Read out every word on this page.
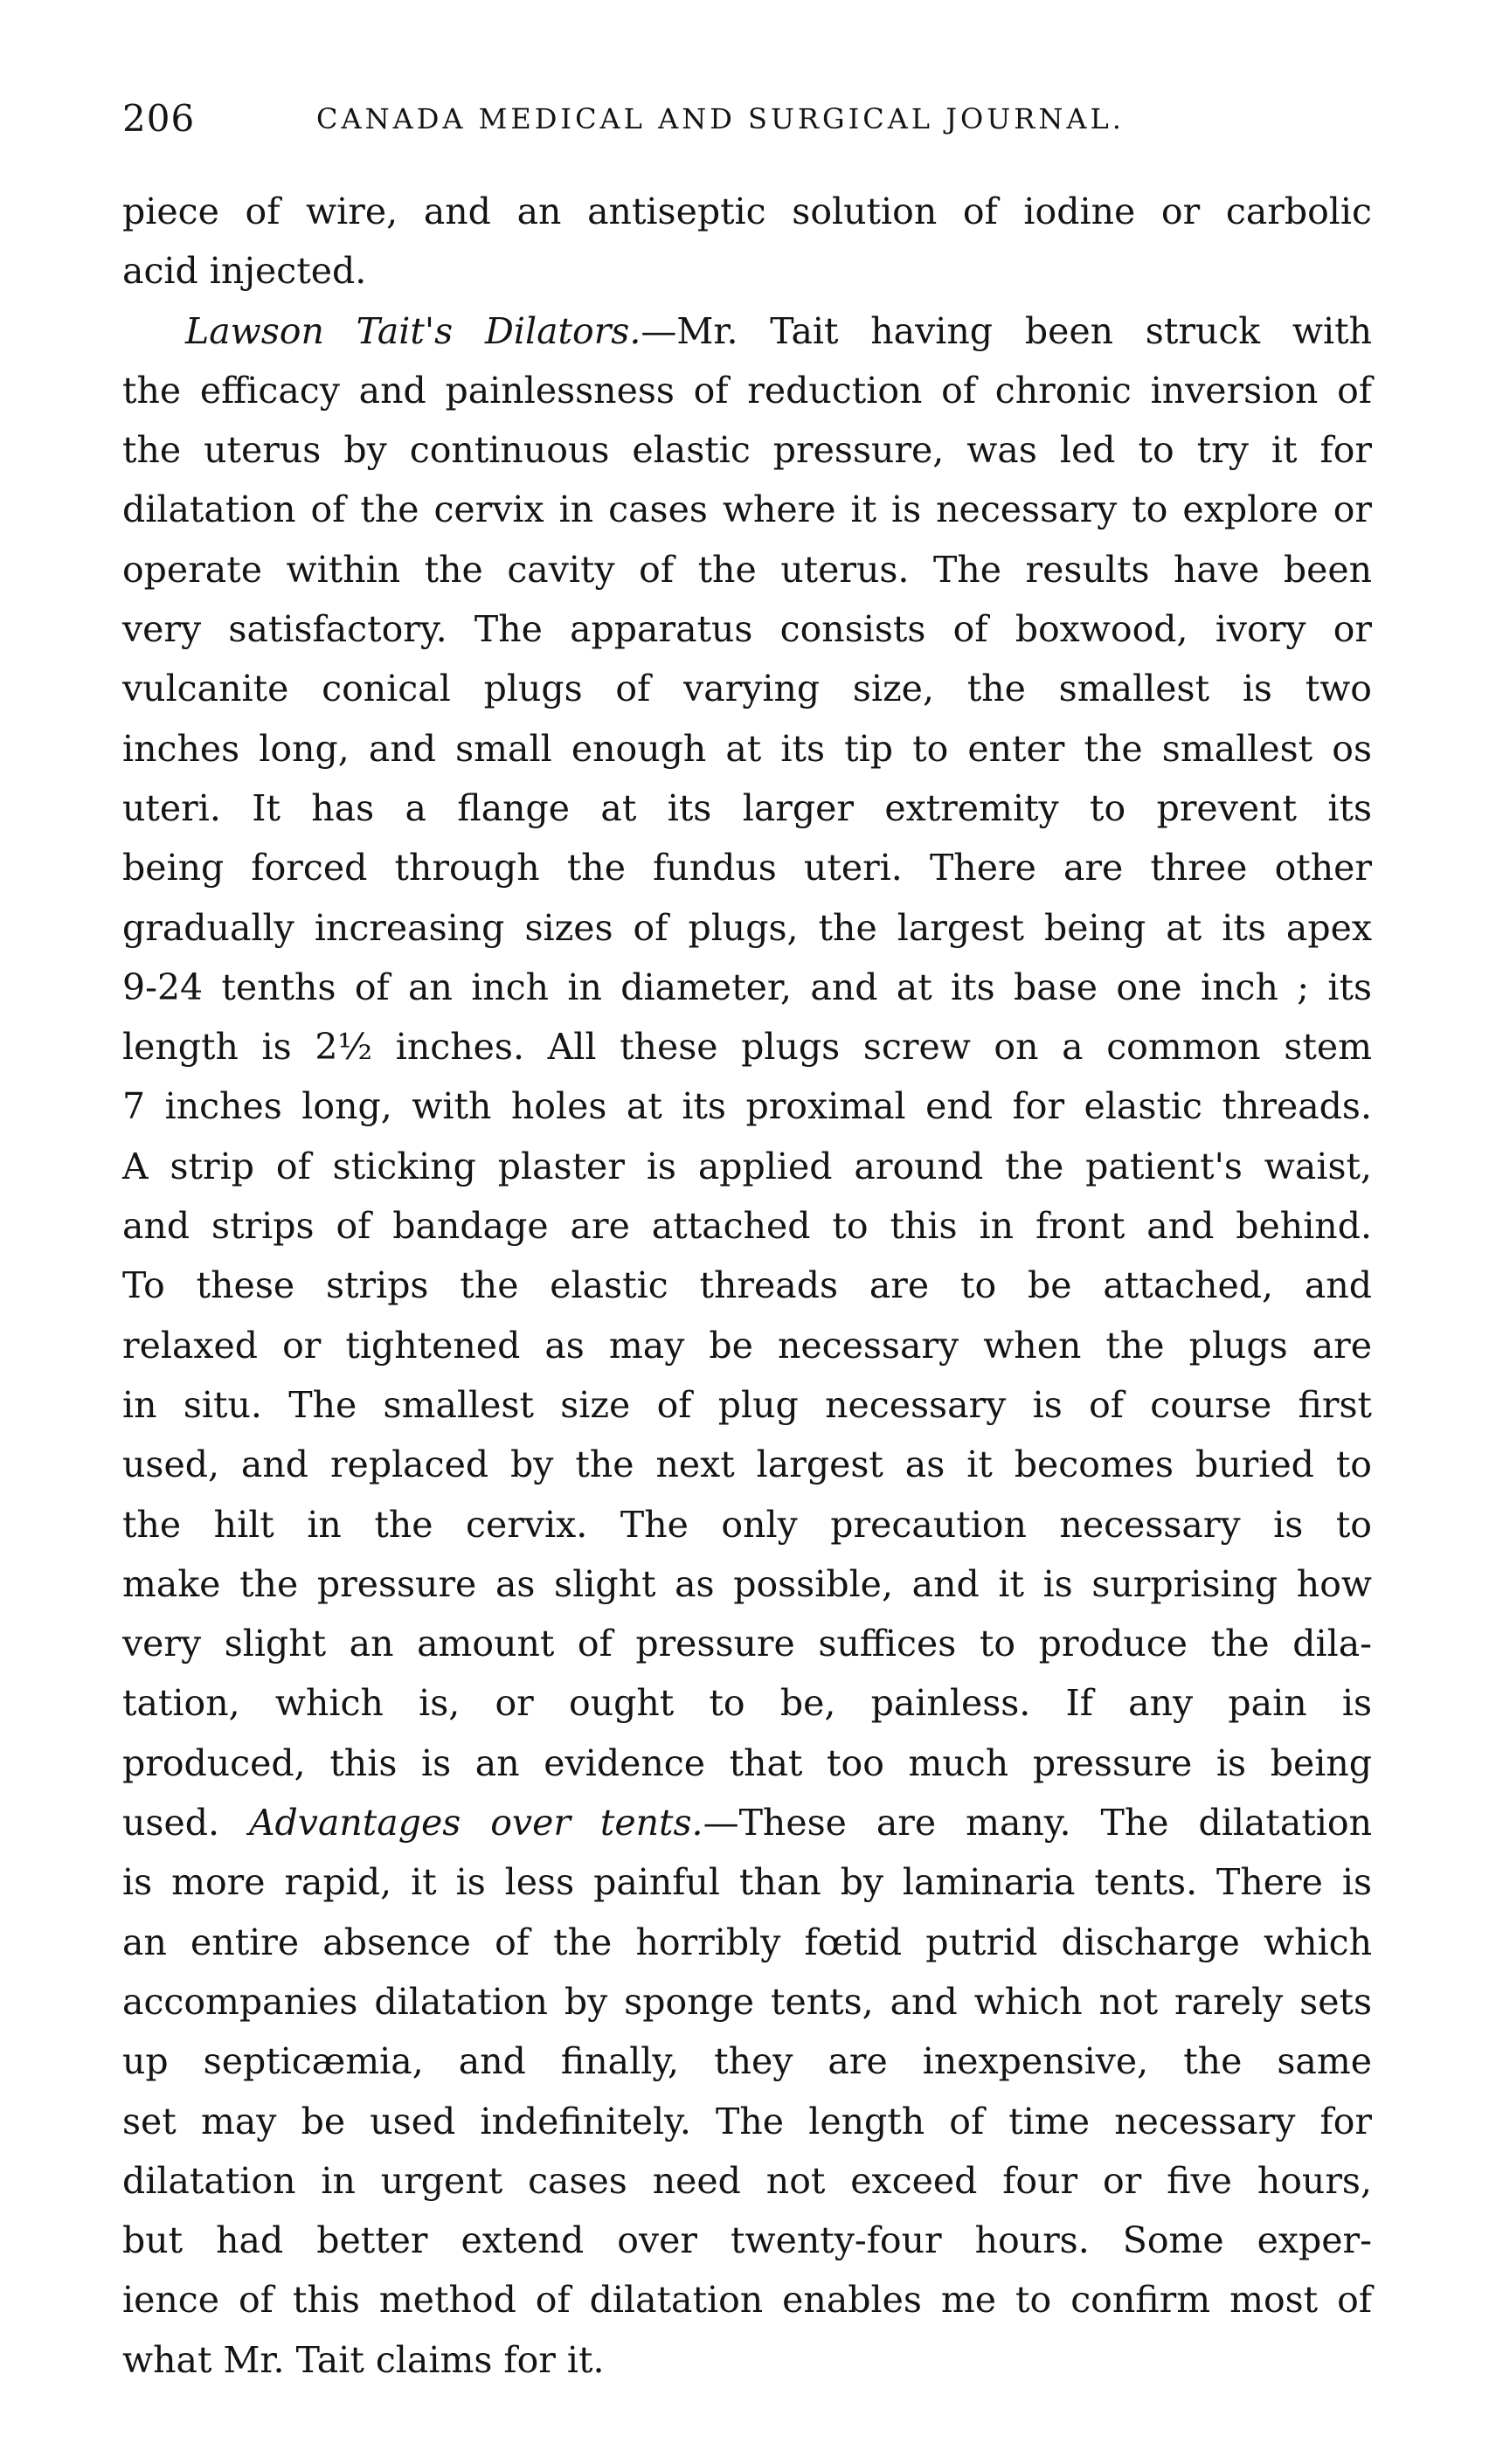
206	CANADA MEDICAL AND SURGICAL JOURNAL.
piece of wire, and an antiseptic solution of iodine or carbolic
acid injected.
Lawson Tait's Dilators.—Mr. Tait having been struck with
the efficacy and painlessness of reduction of chronic inversion of
the uterus by continuous elastic pressure, was led to try it for
dilatation of the cervix in cases where it is necessary to explore or
operate within the cavity of the uterus. The results have been
very satisfactory. The apparatus consists of boxwood, ivory or
vulcanite conical plugs of varying size, the smallest is two
inches long, and small enough at its tip to enter the smallest os
uteri. It has a flange at its larger extremity to prevent its
being forced through the fundus uteri. There are three other
gradually increasing sizes of plugs, the largest being at its apex
9-24 tenths of an inch in diameter, and at its base one inch ; its
length is 2½ inches. All these plugs screw on a common stem
7 inches long, with holes at its proximal end for elastic threads.
A strip of sticking plaster is applied around the patient's waist,
and strips of bandage are attached to this in front and behind.
To these strips the elastic threads are to be attached, and
relaxed or tightened as may be necessary when the plugs are
in situ. The smallest size of plug necessary is of course first
used, and replaced by the next largest as it becomes buried to
the hilt in the cervix. The only precaution necessary is to
make the pressure as slight as possible, and it is surprising how
very slight an amount of pressure suffices to produce the dila-
tation, which is, or ought to be, painless. If any pain is
produced, this is an evidence that too much pressure is being
used. Advantages over tents.—These are many. The dilatation
is more rapid, it is less painful than by laminaria tents. There is
an entire absence of the horribly fœtid putrid discharge which
accompanies dilatation by sponge tents, and which not rarely sets
up septicæmia, and finally, they are inexpensive, the same
set may be used indefinitely. The length of time necessary for
dilatation in urgent cases need not exceed four or five hours,
but had better extend over twenty-four hours. Some exper-
ience of this method of dilatation enables me to confirm most of
what Mr. Tait claims for it.
